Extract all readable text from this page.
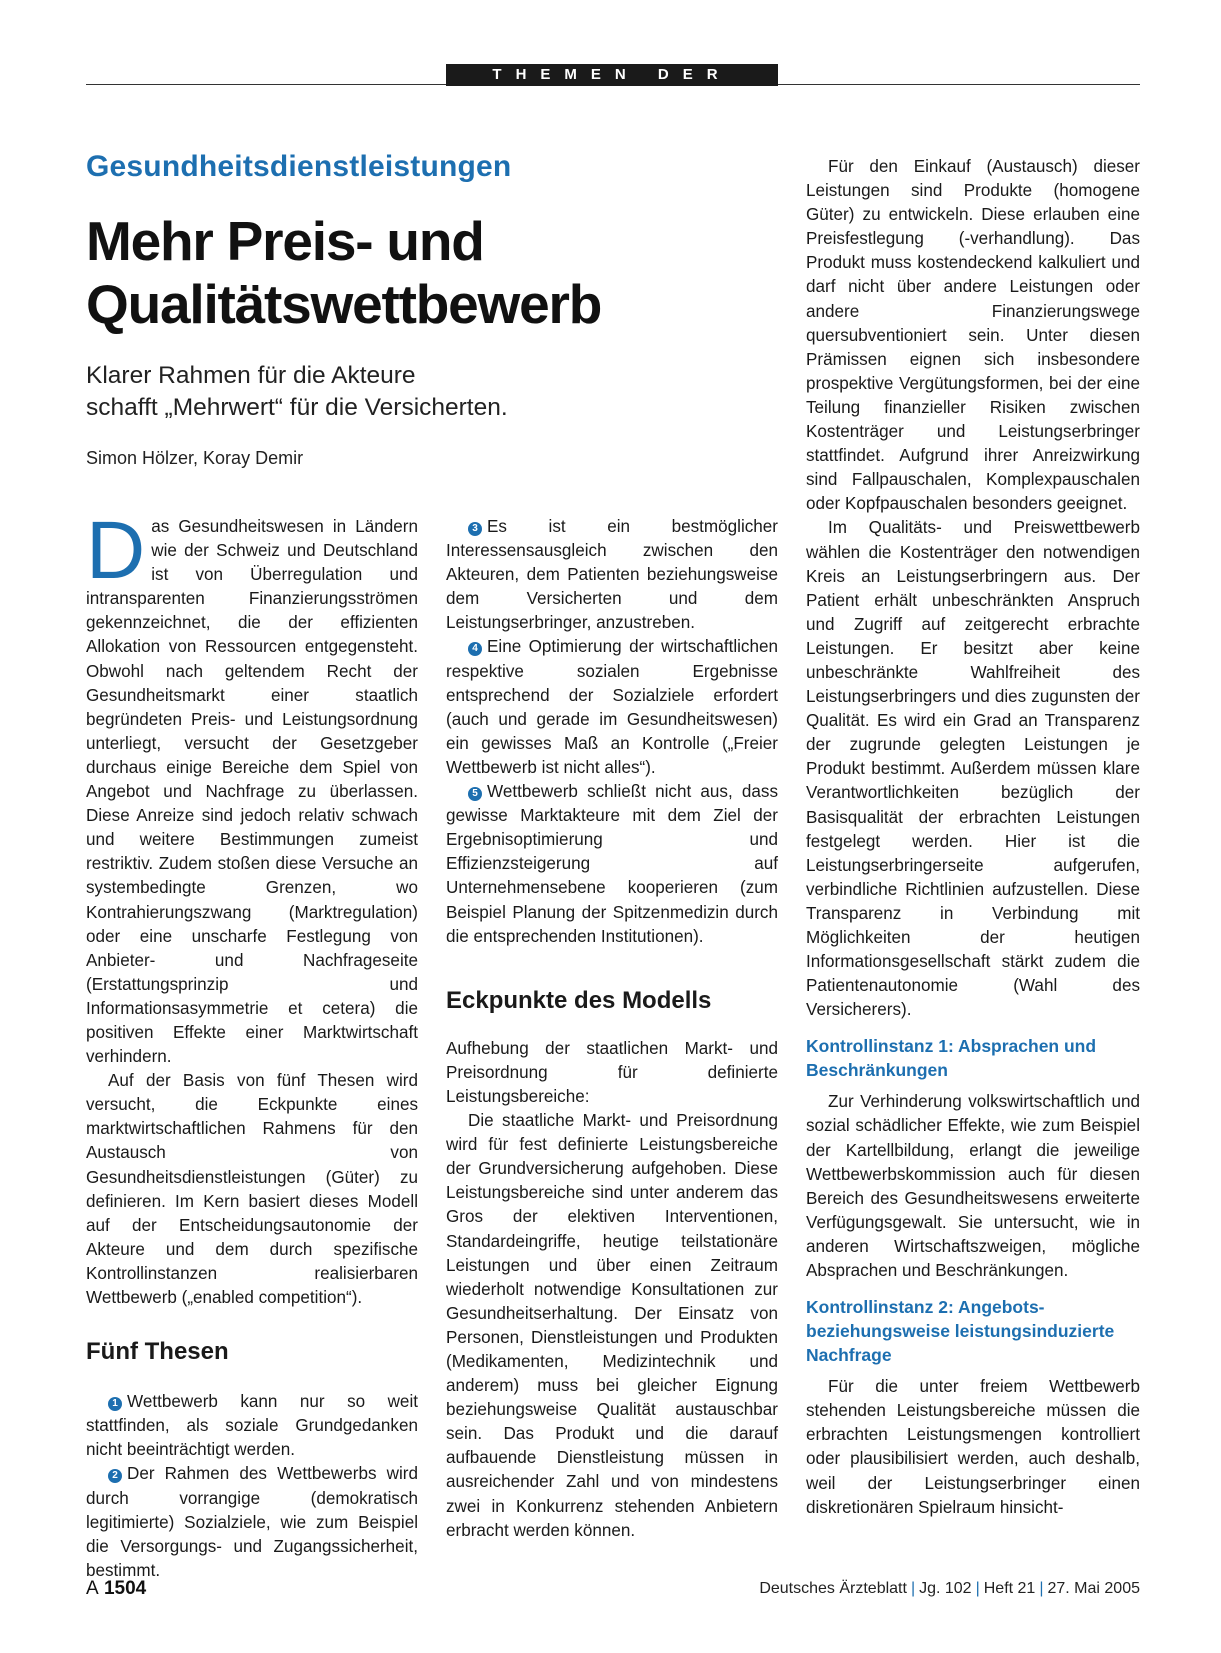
THEMEN DER ZEIT
Gesundheitsdienstleistungen
Mehr Preis- und Qualitätswettbewerb
Klarer Rahmen für die Akteure
schafft „Mehrwert“ für die Versicherten.
Simon Hölzer, Koray Demir

Das Gesundheitswesen in Ländern wie der Schweiz und Deutschland ist von Überregulation und intransparenten Finanzierungsströmen gekennzeichnet, die der effizienten Allokation von Ressourcen entgegensteht. Obwohl nach geltendem Recht der Gesundheitsmarkt einer staatlich begründeten Preis- und Leistungsordnung unterliegt, versucht der Gesetzgeber durchaus einige Bereiche dem Spiel von Angebot und Nachfrage zu überlassen. Diese Anreize sind jedoch relativ schwach und weitere Bestimmungen zumeist restriktiv. Zudem stoßen diese Versuche an systembedingte Grenzen, wo Kontrahierungszwang (Marktregulation) oder eine unscharfe Festlegung von Anbieter- und Nachfrageseite (Erstattungsprinzip und Informationsasymmetrie et cetera) die positiven Effekte einer Marktwirtschaft verhindern.

Auf der Basis von fünf Thesen wird versucht, die Eckpunkte eines marktwirtschaftlichen Rahmens für den Austausch von Gesundheitsdienstleistungen (Güter) zu definieren. Im Kern basiert dieses Modell auf der Entscheidungsautonomie der Akteure und dem durch spezifische Kontrollinstanzen realisierbaren Wettbewerb („enabled competition“).

Fünf Thesen

1 Wettbewerb kann nur so weit stattfinden, als soziale Grundgedanken nicht beeinträchtigt werden.

2 Der Rahmen des Wettbewerbs wird durch vorrangige (demokratisch legitimierte) Sozialziele, wie zum Beispiel die Versorgungs- und Zugangssicherheit, bestimmt.

3 Es ist ein bestmöglicher Interessensausgleich zwischen den Akteuren, dem Patienten beziehungsweise dem Versicherten und dem Leistungserbringer, anzustreben.

4 Eine Optimierung der wirtschaftlichen respektive sozialen Ergebnisse entsprechend der Sozialziele erfordert (auch und gerade im Gesundheitswesen) ein gewisses Maß an Kontrolle („Freier Wettbewerb ist nicht alles“).

5 Wettbewerb schließt nicht aus, dass gewisse Marktakteure mit dem Ziel der Ergebnisoptimierung und Effizienzsteigerung auf Unternehmensebene kooperieren (zum Beispiel Planung der Spitzenmedizin durch die entsprechenden Institutionen).

Eckpunkte des Modells

Aufhebung der staatlichen Markt- und Preisordnung für definierte Leistungsbereiche:

Die staatliche Markt- und Preisordnung wird für fest definierte Leistungsbereiche der Grundversicherung aufgehoben. Diese Leistungsbereiche sind unter anderem das Gros der elektiven Interventionen, Standardeingriffe, heutige teilstationäre Leistungen und über einen Zeitraum wiederholt notwendige Konsultationen zur Gesundheitserhaltung. Der Einsatz von Personen, Dienstleistungen und Produkten (Medikamenten, Medizintechnik und anderem) muss bei gleicher Eignung beziehungsweise Qualität austauschbar sein. Das Produkt und die darauf aufbauende Dienstleistung müssen in ausreichender Zahl und von mindestens zwei in Konkurrenz stehenden Anbietern erbracht werden können.

Für den Einkauf (Austausch) dieser Leistungen sind Produkte (homogene Güter) zu entwickeln. Diese erlauben eine Preisfestlegung (-verhandlung). Das Produkt muss kostendeckend kalkuliert und darf nicht über andere Leistungen oder andere Finanzierungswege quersubventioniert sein. Unter diesen Prämissen eignen sich insbesondere prospektive Vergütungsformen, bei der eine Teilung finanzieller Risiken zwischen Kostenträger und Leistungserbringer stattfindet. Aufgrund ihrer Anreizwirkung sind Fallpauschalen, Komplexpauschalen oder Kopfpauschalen besonders geeignet.

Im Qualitäts- und Preiswettbewerb wählen die Kostenträger den notwendigen Kreis an Leistungserbringern aus. Der Patient erhält unbeschränkten Anspruch und Zugriff auf zeitgerecht erbrachte Leistungen. Er besitzt aber keine unbeschränkte Wahlfreiheit des Leistungserbringers und dies zugunsten der Qualität. Es wird ein Grad an Transparenz der zugrunde gelegten Leistungen je Produkt bestimmt. Außerdem müssen klare Verantwortlichkeiten bezüglich der Basisqualität der erbrachten Leistungen festgelegt werden. Hier ist die Leistungserbringerseite aufgerufen, verbindliche Richtlinien aufzustellen. Diese Transparenz in Verbindung mit Möglichkeiten der heutigen Informationsgesellschaft stärkt zudem die Patientenautonomie (Wahl des Versicherers).

Kontrollinstanz 1: Absprachen und Beschränkungen

Zur Verhinderung volkswirtschaftlich und sozial schädlicher Effekte, wie zum Beispiel der Kartellbildung, erlangt die jeweilige Wettbewerbskommission auch für diesen Bereich des Gesundheitswesens erweiterte Verfügungsgewalt. Sie untersucht, wie in anderen Wirtschaftszweigen, mögliche Absprachen und Beschränkungen.

Kontrollinstanz 2: Angebots- beziehungsweise leistungsinduzierte Nachfrage

Für die unter freiem Wettbewerb stehenden Leistungsbereiche müssen die erbrachten Leistungsmengen kontrolliert oder plausibilisiert werden, auch deshalb, weil der Leistungserbringer einen diskretionären Spielraum hinsicht-

A 1504	Deutsches Ärzteblatt | Jg. 102 | Heft 21 | 27. Mai 2005
